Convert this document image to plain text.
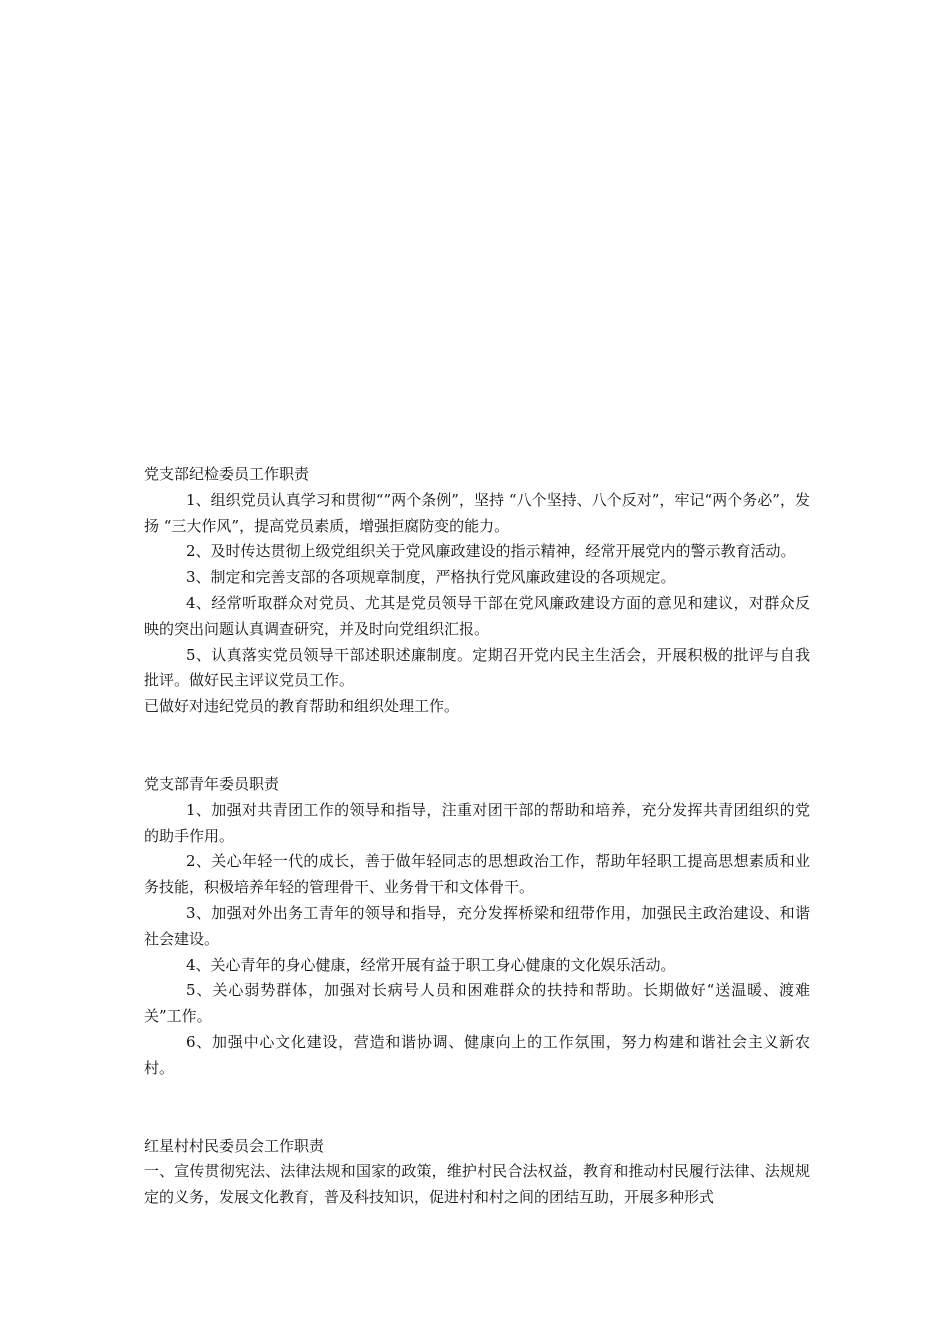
党支部纪检委员工作职责

1、组织党员认真学习和贯彻“”两个条例”，坚持 “八个坚持、八个反对”，牢记“两个务必”，发扬 “三大作风”，提高党员素质，增强拒腐防变的能力。

2、及时传达贯彻上级党组织关于党风廉政建设的指示精神，经常开展党内的警示教育活动。

3、制定和完善支部的各项规章制度，严格执行党风廉政建设的各项规定。

4、经常听取群众对党员、尤其是党员领导干部在党风廉政建设方面的意见和建议，对群众反映的突出问题认真调查研究，并及时向党组织汇报。

5、认真落实党员领导干部述职述廉制度。定期召开党内民主生活会，开展积极的批评与自我批评。做好民主评议党员工作。

已做好对违纪党员的教育帮助和组织处理工作。

党支部青年委员职责

1、加强对共青团工作的领导和指导，注重对团干部的帮助和培养，充分发挥共青团组织的党的助手作用。

2、关心年轻一代的成长，善于做年轻同志的思想政治工作，帮助年轻职工提高思想素质和业务技能，积极培养年轻的管理骨干、业务骨干和文体骨干。

3、加强对外出务工青年的领导和指导，充分发挥桥梁和纽带作用，加强民主政治建设、和谐社会建设。

4、关心青年的身心健康，经常开展有益于职工身心健康的文化娱乐活动。

5、关心弱势群体，加强对长病号人员和困难群众的扶持和帮助。长期做好“送温暖、渡难关”工作。

6、加强中心文化建设，营造和谐协调、健康向上的工作氛围，努力构建和谐社会主义新农村。

红星村村民委员会工作职责

一、宣传贯彻宪法、法律法规和国家的政策，维护村民合法权益，教育和推动村民履行法律、法规规定的义务，发展文化教育，普及科技知识，促进村和村之间的团结互助，开展多种形式
